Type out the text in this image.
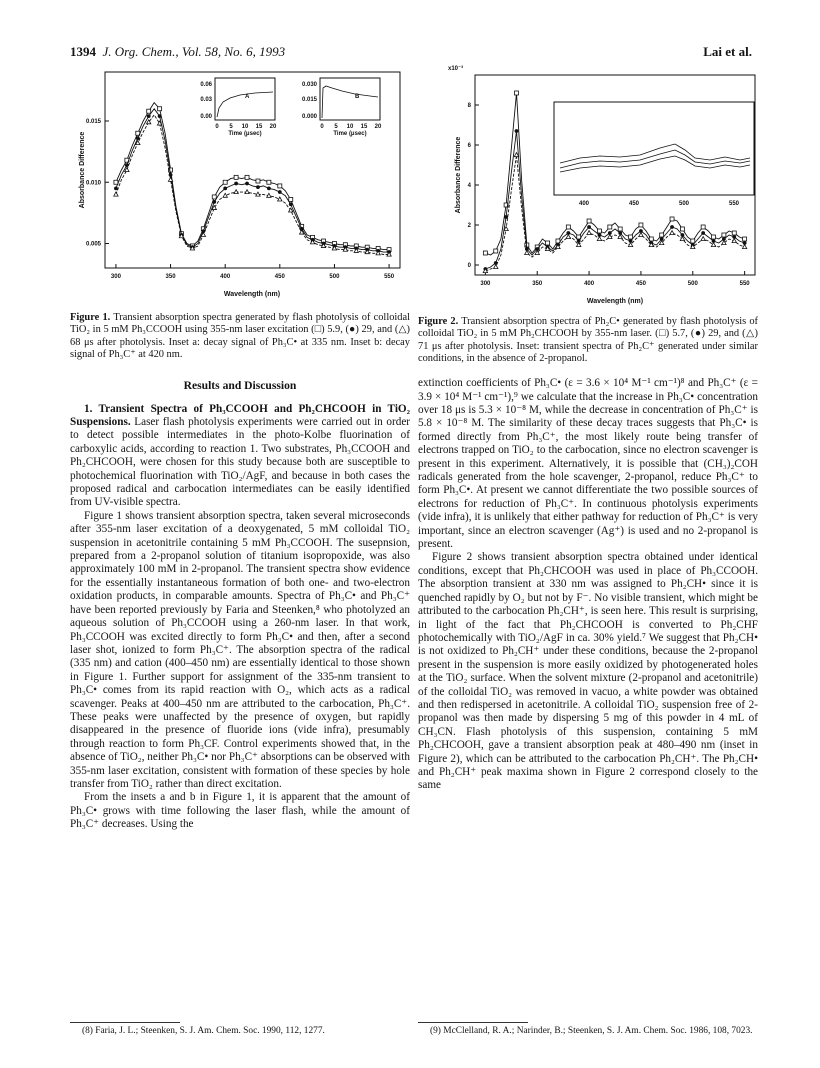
1394 J. Org. Chem., Vol. 58, No. 6, 1993	Lai et al.
0.015
0.010
0.005
300	350	400	450	500	550
Absorbance Difference
Wavelength (nm)
0.06
0.03
0.00
0 5 10 15 20
Time (μsec)
A
0.030
0.015
0.000
0 5 10 15 20
Time (μsec)
B
x10⁻³
8
6
4
2
0
300	350	400	450	500	550
Absorbance Difference
Wavelength (nm)
400	450	500	550

Figure 1. Transient absorption spectra generated by flash photolysis of colloidal TiO₂ in 5 mM Ph₃CCOOH using 355-nm laser excitation (□) 5.9, (●) 29, and (△) 68 μs after photolysis. Inset a: decay signal of Ph₃C• at 335 nm. Inset b: decay signal of Ph₃C⁺ at 420 nm.

Results and Discussion

1. Transient Spectra of Ph₃CCOOH and Ph₂CHCOOH in TiO₂ Suspensions. Laser flash photolysis experiments were carried out in order to detect possible intermediates in the photo-Kolbe fluorination of carboxylic acids, according to reaction 1. Two substrates, Ph₃CCOOH and Ph₂CHCOOH, were chosen for this study because both are susceptible to photochemical fluorination with TiO₂/AgF, and because in both cases the proposed radical and carbocation intermediates can be easily identified from UV-visible spectra.

Figure 1 shows transient absorption spectra, taken several microseconds after 355-nm laser excitation of a deoxygenated, 5 mM colloidal TiO₂ suspension in acetonitrile containing 5 mM Ph₃CCOOH. The susepnsion, prepared from a 2-propanol solution of titanium isopropoxide, was also approximately 100 mM in 2-propanol. The transient spectra show evidence for the essentially instantaneous formation of both one- and two-electron oxidation products, in comparable amounts. Spectra of Ph₃C• and Ph₃C⁺ have been reported previously by Faria and Steenken,⁸ who photolyzed an aqueous solution of Ph₃CCOOH using a 260-nm laser. In that work, Ph₃CCOOH was excited directly to form Ph₃C• and then, after a second laser shot, ionized to form Ph₃C⁺. The absorption spectra of the radical (335 nm) and cation (400–450 nm) are essentially identical to those shown in Figure 1. Further support for assignment of the 335-nm transient to Ph₃C• comes from its rapid reaction with O₂, which acts as a radical scavenger. Peaks at 400–450 nm are attributed to the carbocation, Ph₃C⁺. These peaks were unaffected by the presence of oxygen, but rapidly disappeared in the presence of fluoride ions (vide infra), presumably through reaction to form Ph₃CF. Control experiments showed that, in the absence of TiO₂, neither Ph₃C• nor Ph₃C⁺ absorptions can be observed with 355-nm laser excitation, consistent with formation of these species by hole transfer from TiO₂ rather than direct excitation.

From the insets a and b in Figure 1, it is apparent that the amount of Ph₃C• grows with time following the laser flash, while the amount of Ph₃C⁺ decreases. Using the

(8) Faria, J. L.; Steenken, S. J. Am. Chem. Soc. 1990, 112, 1277.

Figure 2. Transient absorption spectra of Ph₂C• generated by flash photolysis of colloidal TiO₂ in 5 mM Ph₂CHCOOH by 355-nm laser. (□) 5.7, (●) 29, and (△) 71 μs after photolysis. Inset: transient spectra of Ph₂C⁺ generated under similar conditions, in the absence of 2-propanol.

extinction coefficients of Ph₃C• (ε = 3.6 × 10⁴ M⁻¹ cm⁻¹)⁸ and Ph₃C⁺ (ε = 3.9 × 10⁴ M⁻¹ cm⁻¹),⁹ we calculate that the increase in Ph₃C• concentration over 18 μs is 5.3 × 10⁻⁸ M, while the decrease in concentration of Ph₃C⁺ is 5.8 × 10⁻⁸ M. The similarity of these decay traces suggests that Ph₃C• is formed directly from Ph₃C⁺, the most likely route being transfer of electrons trapped on TiO₂ to the carbocation, since no electron scavenger is present in this experiment. Alternatively, it is possible that (CH₃)₂COH radicals generated from the hole scavenger, 2-propanol, reduce Ph₃C⁺ to form Ph₃C•. At present we cannot differentiate the two possible sources of electrons for reduction of Ph₃C⁺. In continuous photolysis experiments (vide infra), it is unlikely that either pathway for reduction of Ph₃C⁺ is very important, since an electron scavenger (Ag⁺) is used and no 2-propanol is present.

Figure 2 shows transient absorption spectra obtained under identical conditions, except that Ph₂CHCOOH was used in place of Ph₃CCOOH. The absorption transient at 330 nm was assigned to Ph₂CH• since it is quenched rapidly by O₂ but not by F⁻. No visible transient, which might be attributed to the carbocation Ph₂CH⁺, is seen here. This result is surprising, in light of the fact that Ph₂CHCOOH is converted to Ph₂CHF photochemically with TiO₂/AgF in ca. 30% yield.⁷ We suggest that Ph₂CH• is not oxidized to Ph₂CH⁺ under these conditions, because the 2-propanol present in the suspension is more easily oxidized by photogenerated holes at the TiO₂ surface. When the solvent mixture (2-propanol and acetonitrile) of the colloidal TiO₂ was removed in vacuo, a white powder was obtained and then redispersed in acetonitrile. A colloidal TiO₂ suspension free of 2-propanol was then made by dispersing 5 mg of this powder in 4 mL of CH₃CN. Flash photolysis of this suspension, containing 5 mM Ph₂CHCOOH, gave a transient absorption peak at 480–490 nm (inset in Figure 2), which can be attributed to the carbocation Ph₂CH⁺. The Ph₂CH• and Ph₂CH⁺ peak maxima shown in Figure 2 correspond closely to the same

(9) McClelland, R. A.; Narinder, B.; Steenken, S. J. Am. Chem. Soc. 1986, 108, 7023.
